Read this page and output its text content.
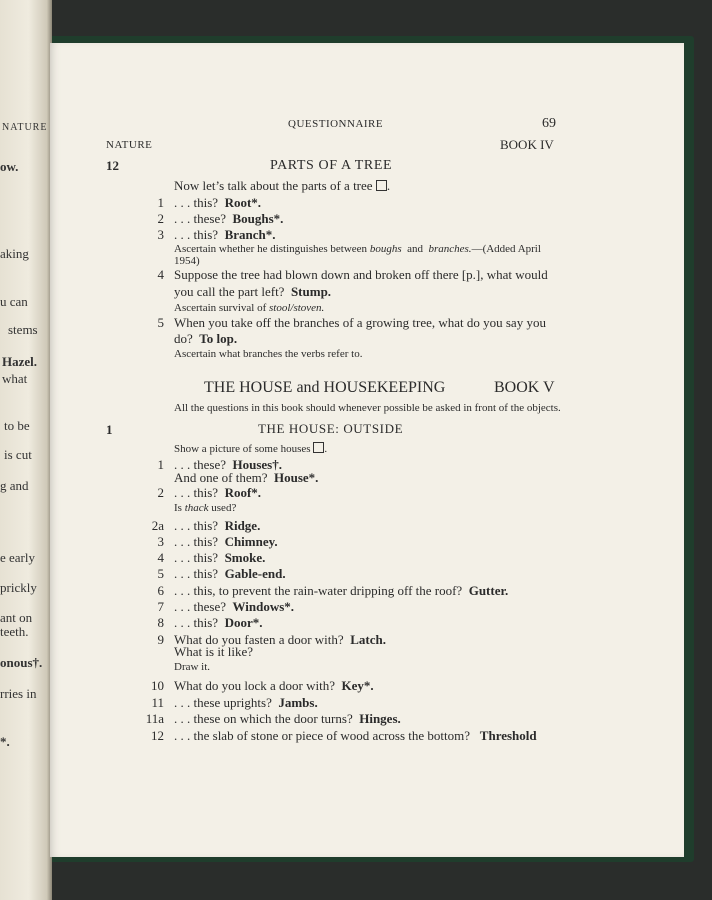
NATURE
ow.
aking
u can
stems
Hazel.
what
to be
is cut
g and
e early
prickly
ant on
teeth.
onous†.
rries in
*.
QUESTIONNAIRE	69
NATURE	BOOK IV
12	PARTS OF A TREE
Now let’s talk about the parts of a tree .
1 . . . this? Root*.
2 . . . these? Boughs*.
3 . . . this? Branch*.
Ascertain whether he distinguishes between boughs and branches.—(Added April
1954)
4 Suppose the tree had blown down and broken off there [p.], what would
you call the part left? Stump.
Ascertain survival of stool/stoven.
5 When you take off the branches of a growing tree, what do you say you
do? To lop.
Ascertain what branches the verbs refer to.
THE HOUSE and HOUSEKEEPING	BOOK V
All the questions in this book should whenever possible be asked in front of the objects.
1	THE HOUSE: OUTSIDE
Show a picture of some houses .
1 . . . these? Houses†.
And one of them? House*.
2 . . . this? Roof*.
Is thack used?
2a . . . this? Ridge.
3 . . . this? Chimney.
4 . . . this? Smoke.
5 . . . this? Gable-end.
6 . . . this, to prevent the rain-water dripping off the roof? Gutter.
7 . . . these? Windows*.
8 . . . this? Door*.
9 What do you fasten a door with? Latch.
What is it like?
Draw it.
10 What do you lock a door with? Key*.
11 . . . these uprights? Jambs.
11a . . . these on which the door turns? Hinges.
12 . . . the slab of stone or piece of wood across the bottom? Threshold
